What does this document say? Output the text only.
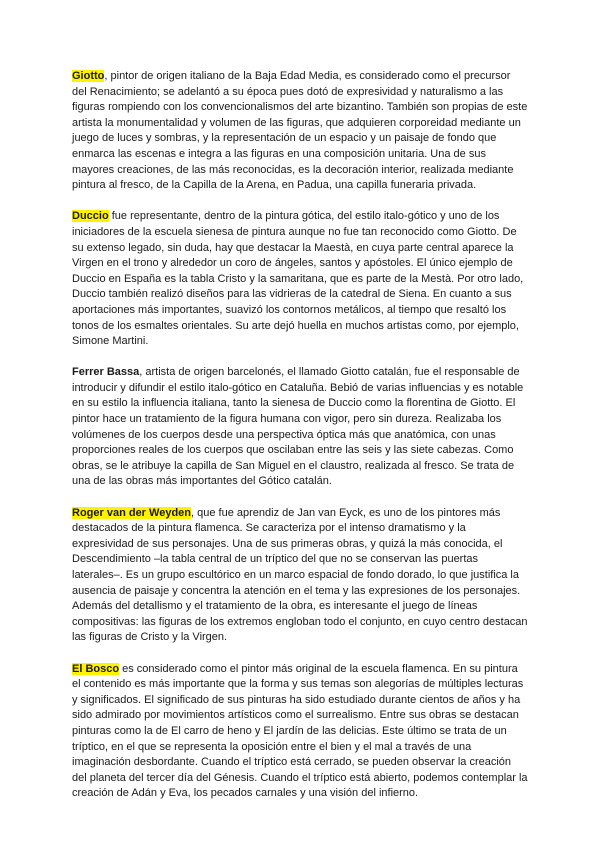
Giotto, pintor de origen italiano de la Baja Edad Media, es considerado como el precursor del Renacimiento; se adelantó a su época pues dotó de expresividad y naturalismo a las figuras rompiendo con los convencionalismos del arte bizantino. También son propias de este artista la monumentalidad y volumen de las figuras, que adquieren corporeidad mediante un juego de luces y sombras, y la representación de un espacio y un paisaje de fondo que enmarca las escenas e integra a las figuras en una composición unitaria. Una de sus mayores creaciones, de las más reconocidas, es la decoración interior, realizada mediante pintura al fresco, de la Capilla de la Arena, en Padua, una capilla funeraria privada.

Duccio fue representante, dentro de la pintura gótica, del estilo italo-gótico y uno de los iniciadores de la escuela sienesa de pintura aunque no fue tan reconocido como Giotto. De su extenso legado, sin duda, hay que destacar la Maestà, en cuya parte central aparece la Virgen en el trono y alrededor un coro de ángeles, santos y apóstoles. El único ejemplo de Duccio en España es la tabla Cristo y la samaritana, que es parte de la Mestà. Por otro lado, Duccio también realizó diseños para las vidrieras de la catedral de Siena. En cuanto a sus aportaciones más importantes, suavizó los contornos metálicos, al tiempo que resaltó los tonos de los esmaltes orientales. Su arte dejó huella en muchos artistas como, por ejemplo, Simone Martini.

Ferrer Bassa, artista de origen barcelonés, el llamado Giotto catalán, fue el responsable de introducir y difundir el estilo italo-gótico en Cataluña. Bebió de varias influencias y es notable en su estilo la influencia italiana, tanto la sienesa de Duccio como la florentina de Giotto. El pintor hace un tratamiento de la figura humana con vigor, pero sin dureza. Realizaba los volúmenes de los cuerpos desde una perspectiva óptica más que anatómica, con unas proporciones reales de los cuerpos que oscilaban entre las seis y las siete cabezas. Como obras, se le atribuye la capilla de San Miguel en el claustro, realizada al fresco. Se trata de una de las obras más importantes del Gótico catalán.

Roger van der Weyden, que fue aprendiz de Jan van Eyck, es uno de los pintores más destacados de la pintura flamenca. Se caracteriza por el intenso dramatismo y la expresividad de sus personajes. Una de sus primeras obras, y quizá la más conocida, el Descendimiento –la tabla central de un tríptico del que no se conservan las puertas laterales–. Es un grupo escultórico en un marco espacial de fondo dorado, lo que justifica la ausencia de paisaje y concentra la atención en el tema y las expresiones de los personajes. Además del detallismo y el tratamiento de la obra, es interesante el juego de líneas compositivas: las figuras de los extremos engloban todo el conjunto, en cuyo centro destacan las figuras de Cristo y la Virgen.

El Bosco es considerado como el pintor más original de la escuela flamenca. En su pintura el contenido es más importante que la forma y sus temas son alegorías de múltiples lecturas y significados. El significado de sus pinturas ha sido estudiado durante cientos de años y ha sido admirado por movimientos artísticos como el surrealismo. Entre sus obras se destacan pinturas como la de El carro de heno y El jardín de las delicias. Este último se trata de un tríptico, en el que se representa la oposición entre el bien y el mal a través de una imaginación desbordante. Cuando el tríptico está cerrado, se pueden observar la creación del planeta del tercer día del Génesis. Cuando el tríptico está abierto, podemos contemplar la creación de Adán y Eva, los pecados carnales y una visión del infierno.
